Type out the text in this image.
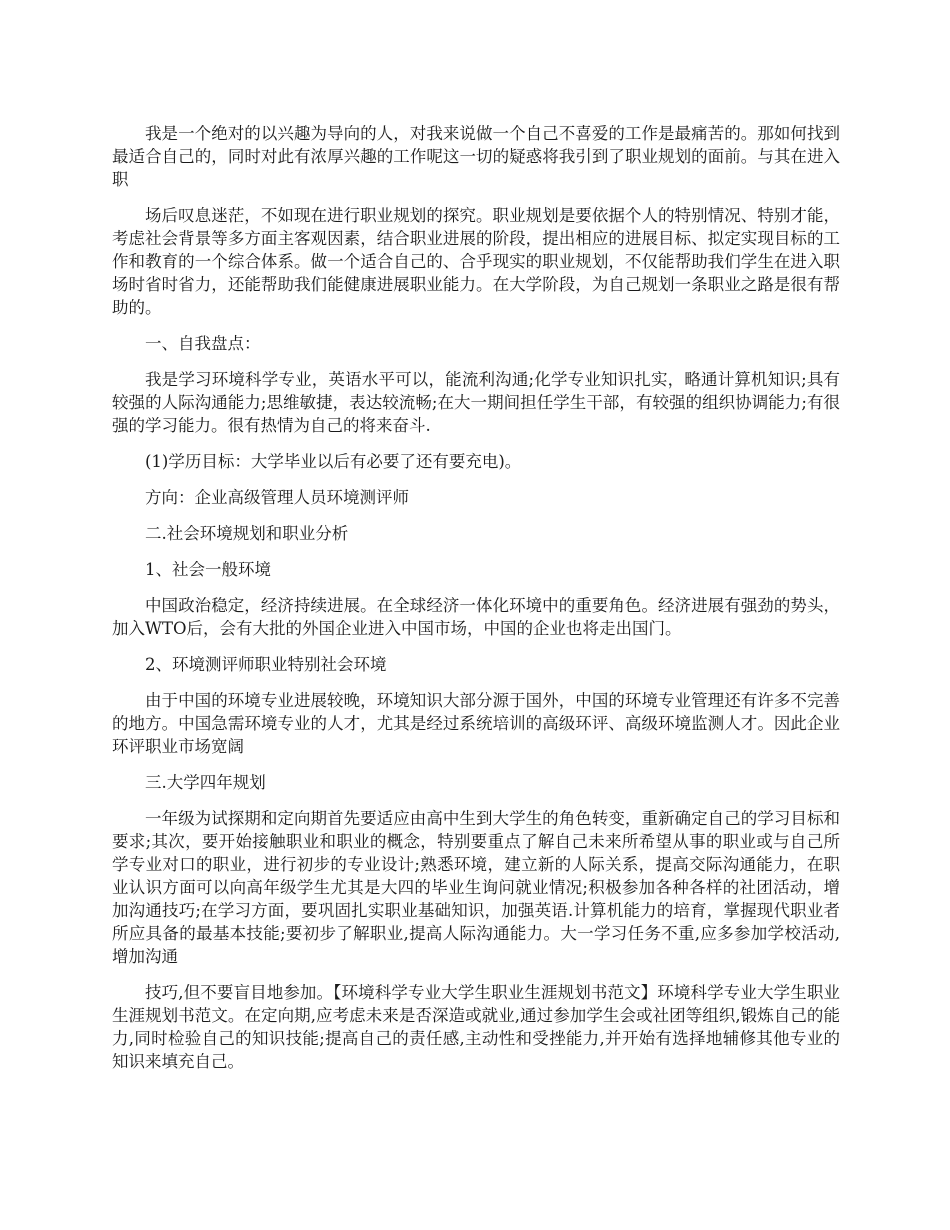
我是一个绝对的以兴趣为导向的人，对我来说做一个自己不喜爱的工作是最痛苦的。那如何找到最适合自己的，同时对此有浓厚兴趣的工作呢这一切的疑惑将我引到了职业规划的面前。与其在进入职

场后叹息迷茫，不如现在进行职业规划的探究。职业规划是要依据个人的特别情况、特别才能，考虑社会背景等多方面主客观因素，结合职业进展的阶段，提出相应的进展目标、拟定实现目标的工作和教育的一个综合体系。做一个适合自己的、合乎现实的职业规划，不仅能帮助我们学生在进入职场时省时省力，还能帮助我们能健康进展职业能力。在大学阶段，为自己规划一条职业之路是很有帮助的。

一、自我盘点：

我是学习环境科学专业，英语水平可以，能流利沟通;化学专业知识扎实，略通计算机知识;具有较强的人际沟通能力;思维敏捷，表达较流畅;在大一期间担任学生干部，有较强的组织协调能力;有很强的学习能力。很有热情为自己的将来奋斗.

(1)学历目标：大学毕业以后有必要了还有要充电)。

方向：企业高级管理人员环境测评师

二.社会环境规划和职业分析

1、社会一般环境

中国政治稳定，经济持续进展。在全球经济一体化环境中的重要角色。经济进展有强劲的势头，加入WTO后，会有大批的外国企业进入中国市场，中国的企业也将走出国门。

2、环境测评师职业特别社会环境

由于中国的环境专业进展较晚，环境知识大部分源于国外，中国的环境专业管理还有许多不完善的地方。中国急需环境专业的人才，尤其是经过系统培训的高级环评、高级环境监测人才。因此企业环评职业市场宽阔

三.大学四年规划

一年级为试探期和定向期首先要适应由高中生到大学生的角色转变，重新确定自己的学习目标和要求;其次，要开始接触职业和职业的概念，特别要重点了解自己未来所希望从事的职业或与自己所学专业对口的职业，进行初步的专业设计;熟悉环境，建立新的人际关系，提高交际沟通能力，在职业认识方面可以向高年级学生尤其是大四的毕业生询问就业情况;积极参加各种各样的社团活动，增加沟通技巧;在学习方面，要巩固扎实职业基础知识，加强英语.计算机能力的培育，掌握现代职业者所应具备的最基本技能;要初步了解职业,提高人际沟通能力。大一学习任务不重,应多参加学校活动,增加沟通

技巧,但不要盲目地参加。【环境科学专业大学生职业生涯规划书范文】环境科学专业大学生职业生涯规划书范文。在定向期,应考虑未来是否深造或就业,通过参加学生会或社团等组织,锻炼自己的能力,同时检验自己的知识技能;提高自己的责任感,主动性和受挫能力,并开始有选择地辅修其他专业的知识来填充自己。
